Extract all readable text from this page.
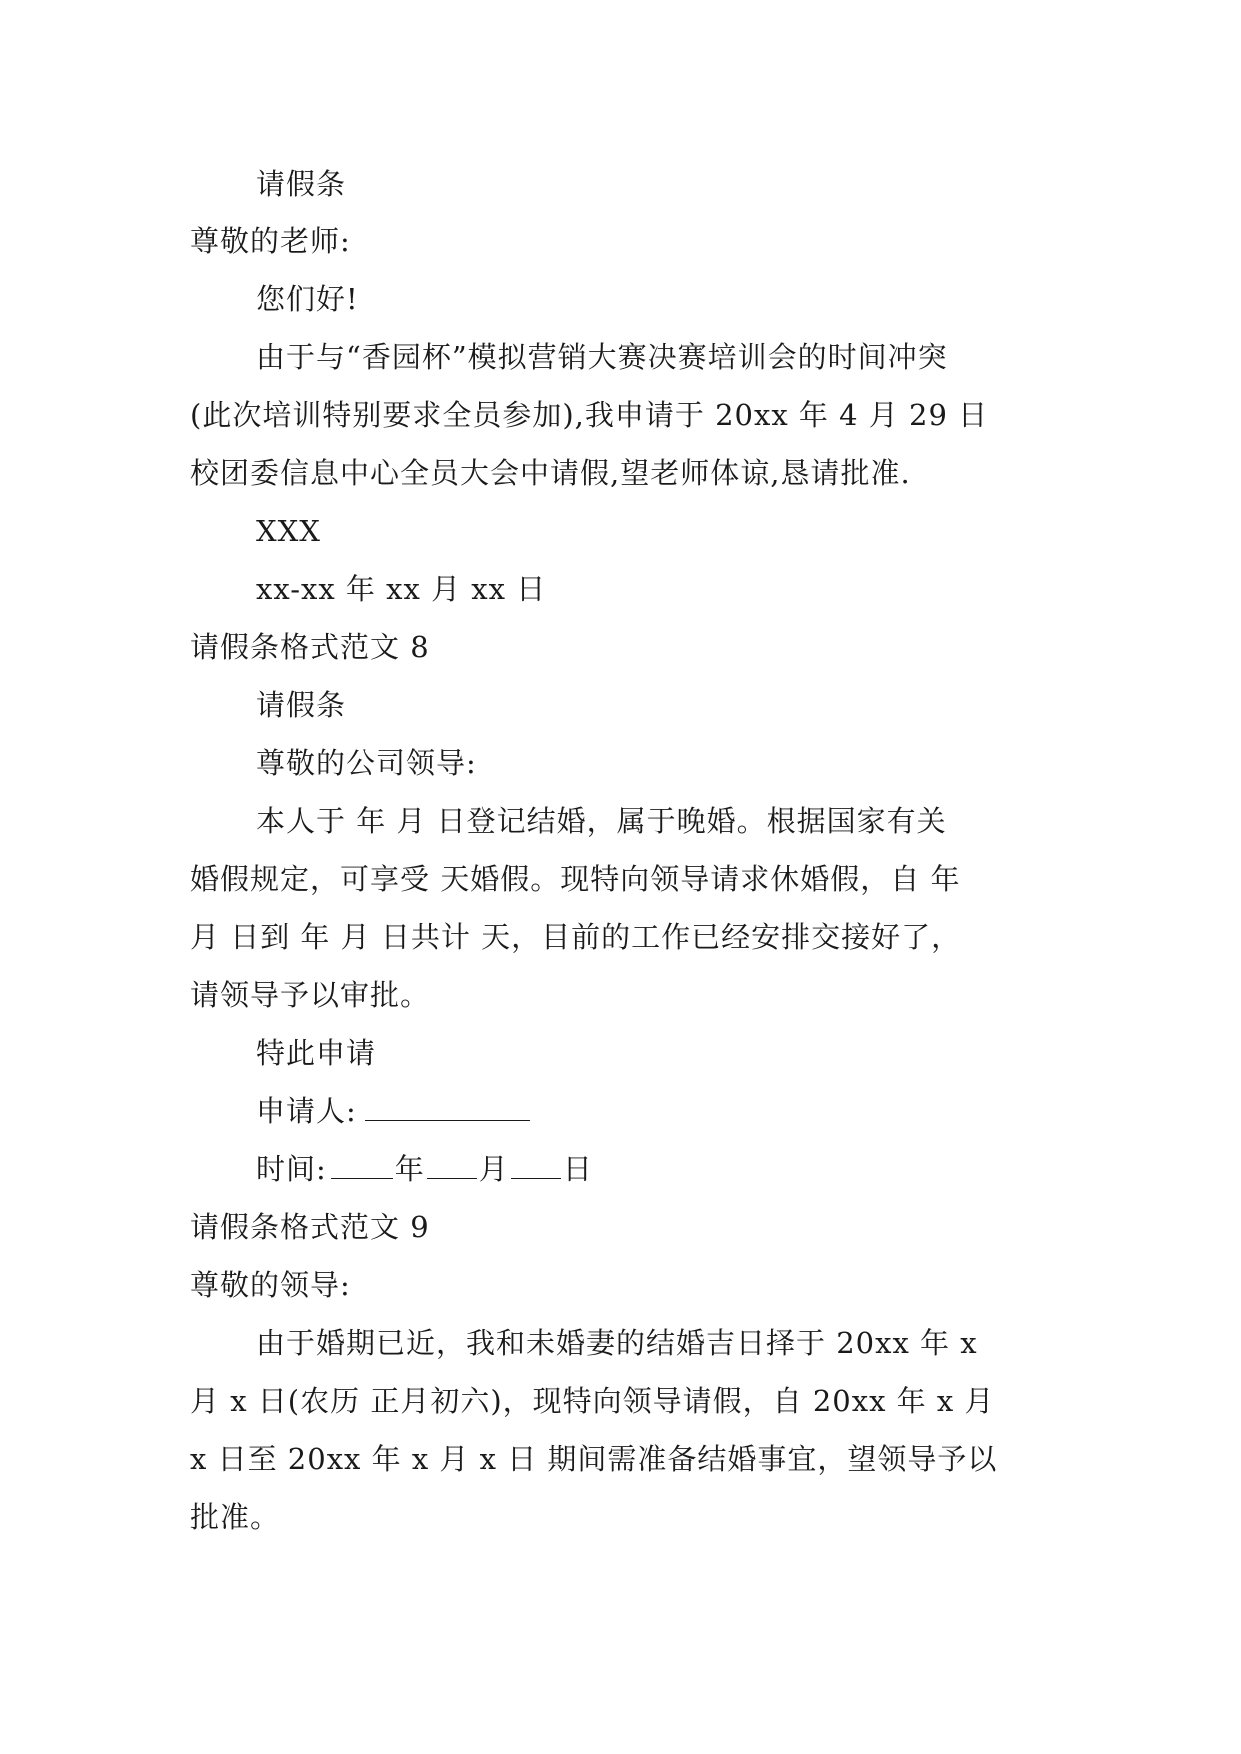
请假条
尊敬的老师:
您们好!
由于与“香园杯”模拟营销大赛决赛培训会的时间冲突
(此次培训特别要求全员参加),我申请于 20xx 年 4 月 29 日
校团委信息中心全员大会中请假,望老师体谅,恳请批准.
XXX
xx-xx 年 xx 月 xx 日
请假条格式范文 8
请假条
尊敬的公司领导:
本人于 年 月 日登记结婚，属于晚婚。根据国家有关
婚假规定，可享受 天婚假。现特向领导请求休婚假，自 年
月 日到 年 月 日共计 天，目前的工作已经安排交接好了，
请领导予以审批。
特此申请
申请人:
时间: 年 月 日
请假条格式范文 9
尊敬的领导:
由于婚期已近，我和未婚妻的结婚吉日择于 20xx 年 x
月 x 日(农历 正月初六)，现特向领导请假，自 20xx 年 x 月
x 日至 20xx 年 x 月 x 日 期间需准备结婚事宜，望领导予以
批准。
